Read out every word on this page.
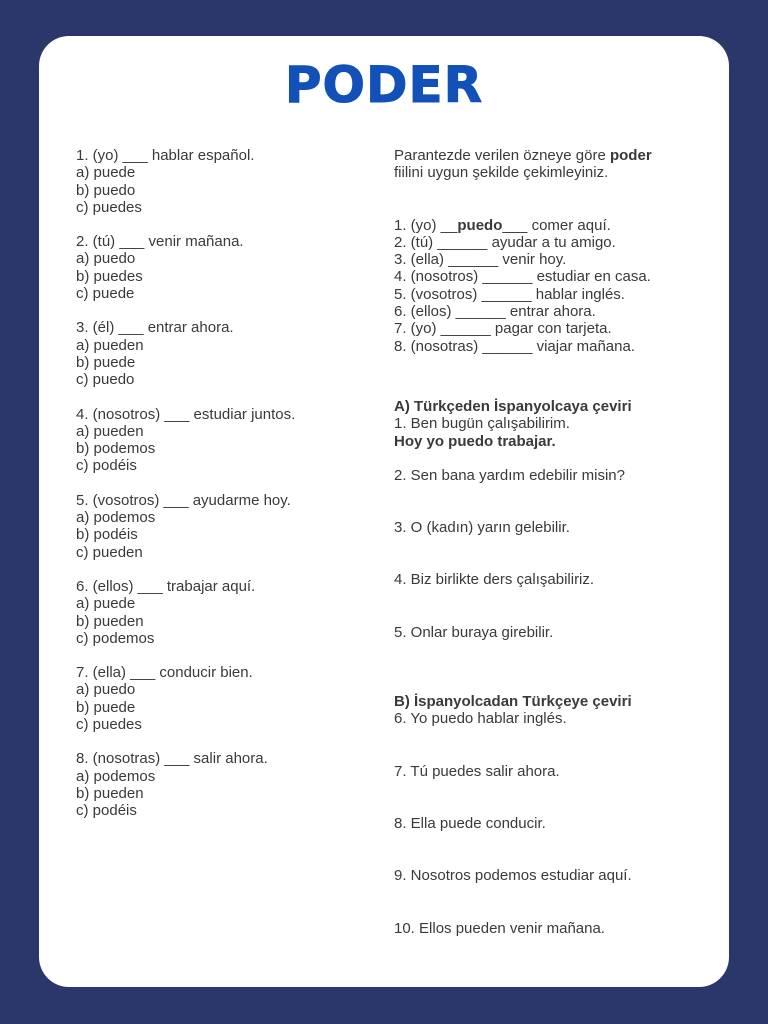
PODER
1. (yo) ___ hablar español.
a) puede
b) puedo
c) puedes
2. (tú) ___ venir mañana.
a) puedo
b) puedes
c) puede
3. (él) ___ entrar ahora.
a) pueden
b) puede
c) puedo
4. (nosotros) ___ estudiar juntos.
a) pueden
b) podemos
c) podéis
5. (vosotros) ___ ayudarme hoy.
a) podemos
b) podéis
c) pueden
6. (ellos) ___ trabajar aquí.
a) puede
b) pueden
c) podemos
7. (ella) ___ conducir bien.
a) puedo
b) puede
c) puedes
8. (nosotras) ___ salir ahora.
a) podemos
b) pueden
c) podéis
Parantezde verilen özneye göre poder
fiilini uygun şekilde çekimleyiniz.
1. (yo) __puedo___ comer aquí.
2. (tú) ______ ayudar a tu amigo.
3. (ella) ______ venir hoy.
4. (nosotros) ______ estudiar en casa.
5. (vosotros) ______ hablar inglés.
6. (ellos) ______ entrar ahora.
7. (yo) ______ pagar con tarjeta.
8. (nosotras) ______ viajar mañana.
A) Türkçeden İspanyolcaya çeviri
1. Ben bugün çalışabilirim.
Hoy yo puedo trabajar.
2. Sen bana yardım edebilir misin?
3. O (kadın) yarın gelebilir.
4. Biz birlikte ders çalışabiliriz.
5. Onlar buraya girebilir.
B) İspanyolcadan Türkçeye çeviri
6. Yo puedo hablar inglés.
7. Tú puedes salir ahora.
8. Ella puede conducir.
9. Nosotros podemos estudiar aquí.
10. Ellos pueden venir mañana.
